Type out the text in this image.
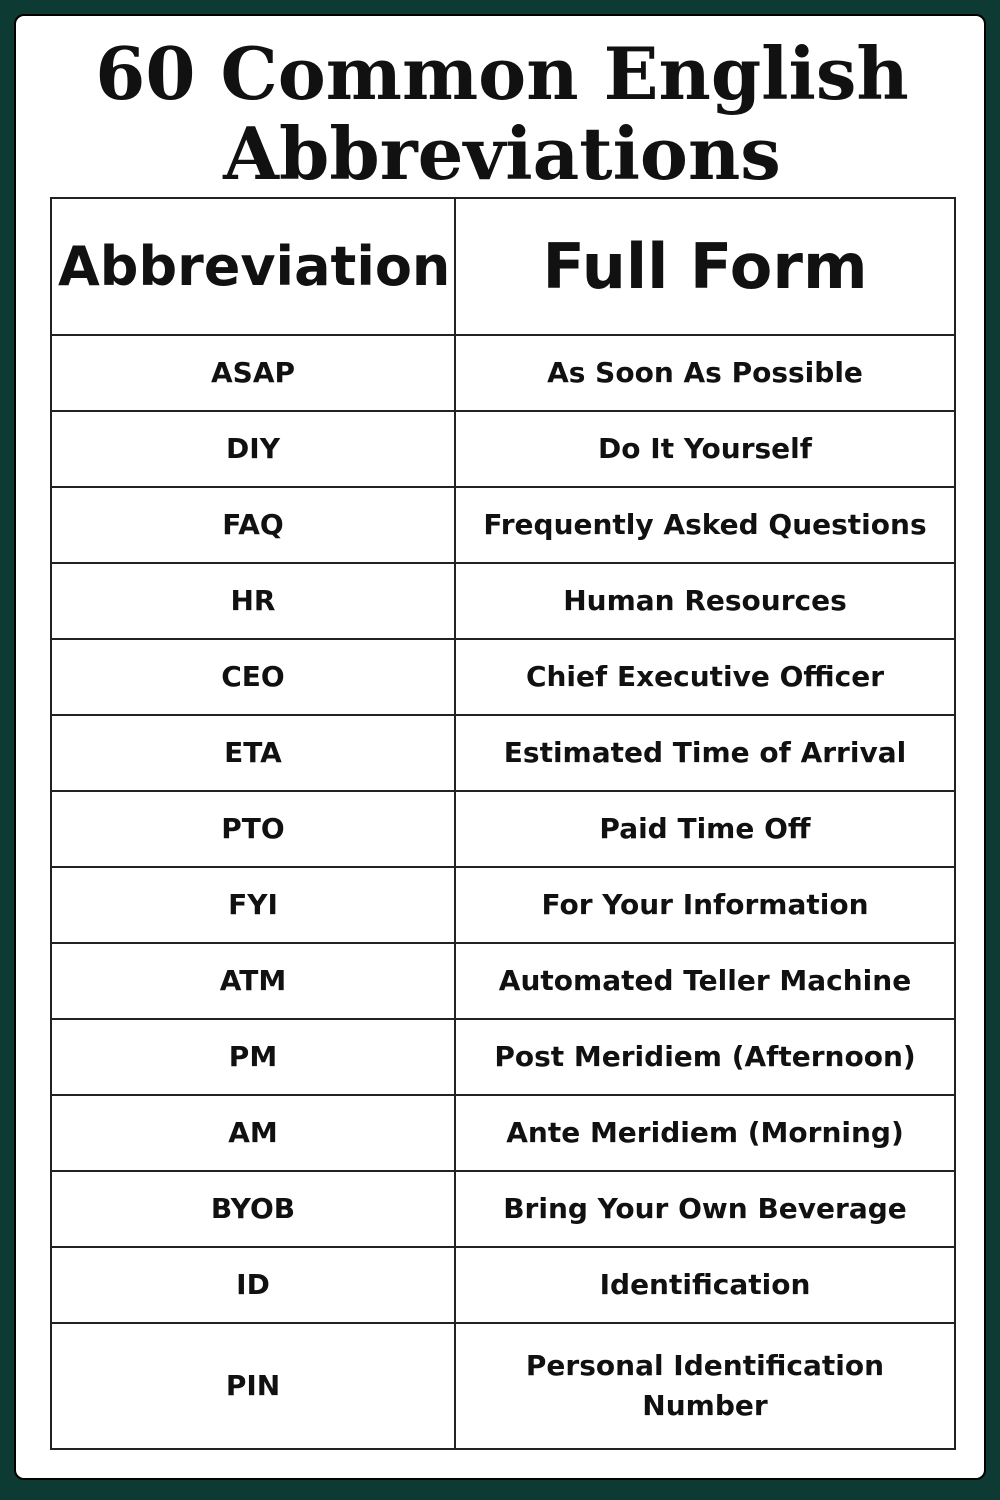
60 Common English
Abbreviations
Abbreviation	Full Form
ASAP	As Soon As Possible
DIY	Do It Yourself
FAQ	Frequently Asked Questions
HR	Human Resources
CEO	Chief Executive Officer
ETA	Estimated Time of Arrival
PTO	Paid Time Off
FYI	For Your Information
ATM	Automated Teller Machine
PM	Post Meridiem (Afternoon)
AM	Ante Meridiem (Morning)
BYOB	Bring Your Own Beverage
ID	Identification
PIN	Personal Identification Number
